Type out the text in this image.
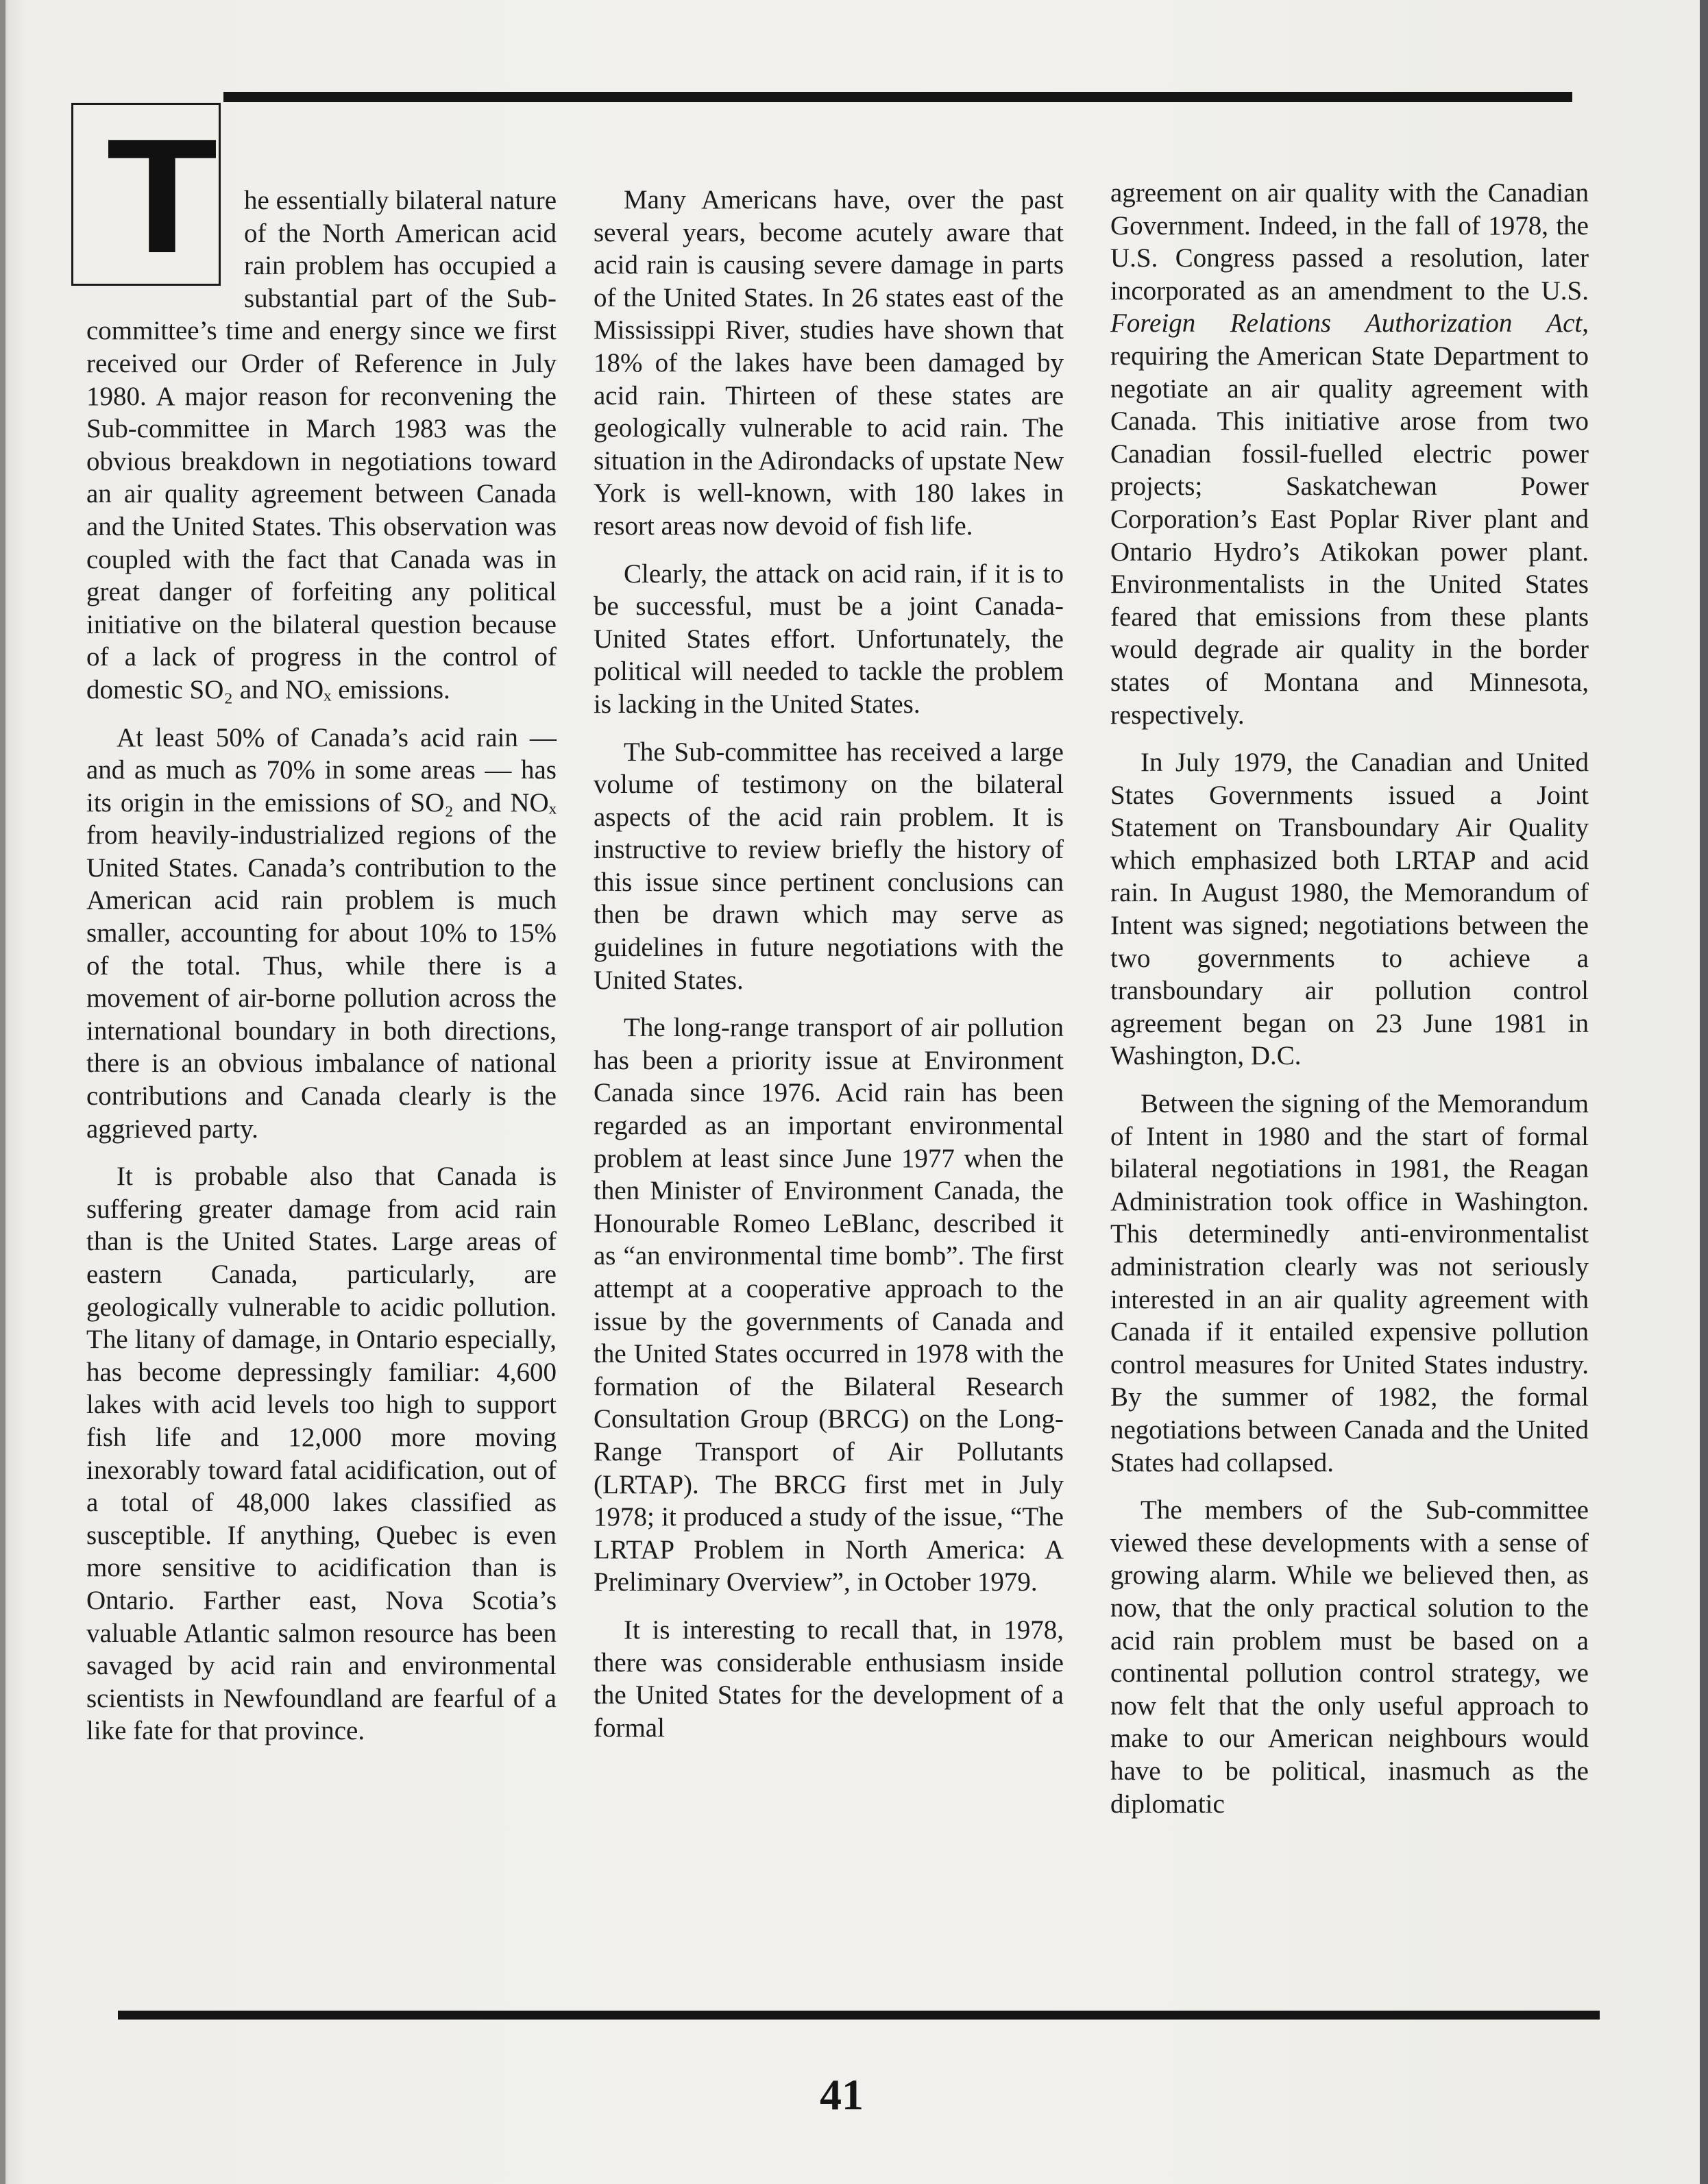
T he essentially bilateral nature of the North American acid rain problem has occupied a substantial part of the Sub-committee’s time and energy since we first received our Order of Reference in July 1980. A major reason for reconvening the Sub-committee in March 1983 was the obvious breakdown in negotiations toward an air quality agreement between Canada and the United States. This observation was coupled with the fact that Canada was in great danger of forfeiting any political initiative on the bilateral question because of a lack of progress in the control of domestic SO₂ and NOₓ emissions.

At least 50% of Canada’s acid rain — and as much as 70% in some areas — has its origin in the emissions of SO₂ and NOₓ from heavily-industrialized regions of the United States. Canada’s contribution to the American acid rain problem is much smaller, accounting for about 10% to 15% of the total. Thus, while there is a movement of air-borne pollution across the international boundary in both directions, there is an obvious imbalance of national contributions and Canada clearly is the aggrieved party.

It is probable also that Canada is suffering greater damage from acid rain than is the United States. Large areas of eastern Canada, particularly, are geologically vulnerable to acidic pollution. The litany of damage, in Ontario especially, has become depressingly familiar: 4,600 lakes with acid levels too high to support fish life and 12,000 more moving inexorably toward fatal acidification, out of a total of 48,000 lakes classified as susceptible. If anything, Quebec is even more sensitive to acidification than is Ontario. Farther east, Nova Scotia’s valuable Atlantic salmon resource has been savaged by acid rain and environmental scientists in Newfoundland are fearful of a like fate for that province.

Many Americans have, over the past several years, become acutely aware that acid rain is causing severe damage in parts of the United States. In 26 states east of the Mississippi River, studies have shown that 18% of the lakes have been damaged by acid rain. Thirteen of these states are geologically vulnerable to acid rain. The situation in the Adirondacks of upstate New York is well-known, with 180 lakes in resort areas now devoid of fish life.

Clearly, the attack on acid rain, if it is to be successful, must be a joint Canada-United States effort. Unfortunately, the political will needed to tackle the problem is lacking in the United States.

The Sub-committee has received a large volume of testimony on the bilateral aspects of the acid rain problem. It is instructive to review briefly the history of this issue since pertinent conclusions can then be drawn which may serve as guidelines in future negotiations with the United States.

The long-range transport of air pollution has been a priority issue at Environment Canada since 1976. Acid rain has been regarded as an important environmental problem at least since June 1977 when the then Minister of Environment Canada, the Honourable Romeo LeBlanc, described it as “an environmental time bomb”. The first attempt at a cooperative approach to the issue by the governments of Canada and the United States occurred in 1978 with the formation of the Bilateral Research Consultation Group (BRCG) on the Long-Range Transport of Air Pollutants (LRTAP). The BRCG first met in July 1978; it produced a study of the issue, “The LRTAP Problem in North America: A Preliminary Overview”, in October 1979.

It is interesting to recall that, in 1978, there was considerable enthusiasm inside the United States for the development of a formal

agreement on air quality with the Canadian Government. Indeed, in the fall of 1978, the U.S. Congress passed a resolution, later incorporated as an amendment to the U.S. Foreign Relations Authorization Act, requiring the American State Department to negotiate an air quality agreement with Canada. This initiative arose from two Canadian fossil-fuelled electric power projects; Saskatchewan Power Corporation’s East Poplar River plant and Ontario Hydro’s Atikokan power plant. Environmentalists in the United States feared that emissions from these plants would degrade air quality in the border states of Montana and Minnesota, respectively.

In July 1979, the Canadian and United States Governments issued a Joint Statement on Transboundary Air Quality which emphasized both LRTAP and acid rain. In August 1980, the Memorandum of Intent was signed; negotiations between the two governments to achieve a transboundary air pollution control agreement began on 23 June 1981 in Washington, D.C.

Between the signing of the Memorandum of Intent in 1980 and the start of formal bilateral negotiations in 1981, the Reagan Administration took office in Washington. This determinedly anti-environmentalist administration clearly was not seriously interested in an air quality agreement with Canada if it entailed expensive pollution control measures for United States industry. By the summer of 1982, the formal negotiations between Canada and the United States had collapsed.

The members of the Sub-committee viewed these developments with a sense of growing alarm. While we believed then, as now, that the only practical solution to the acid rain problem must be based on a continental pollution control strategy, we now felt that the only useful approach to make to our American neighbours would have to be political, inasmuch as the diplomatic

41
